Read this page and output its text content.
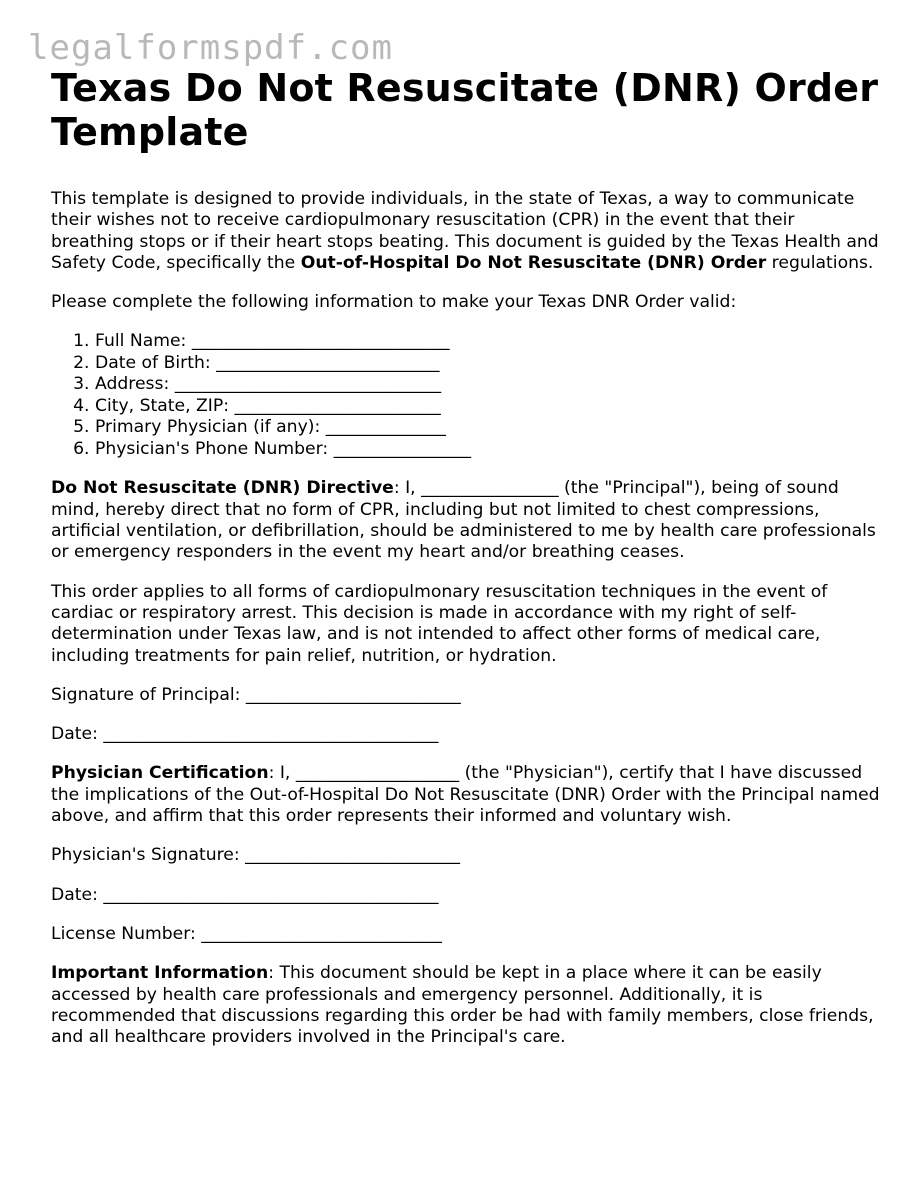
legalformspdf.com
Texas Do Not Resuscitate (DNR) Order Template

This template is designed to provide individuals, in the state of Texas, a way to communicate their wishes not to receive cardiopulmonary resuscitation (CPR) in the event that their breathing stops or if their heart stops beating. This document is guided by the Texas Health and Safety Code, specifically the Out-of-Hospital Do Not Resuscitate (DNR) Order regulations.

Please complete the following information to make your Texas DNR Order valid:

1. Full Name: ______________________________
2. Date of Birth: __________________________
3. Address: _______________________________
4. City, State, ZIP: ________________________
5. Primary Physician (if any): ______________
6. Physician's Phone Number: ________________

Do Not Resuscitate (DNR) Directive: I, ________________ (the "Principal"), being of sound mind, hereby direct that no form of CPR, including but not limited to chest compressions, artificial ventilation, or defibrillation, should be administered to me by health care professionals or emergency responders in the event my heart and/or breathing ceases.

This order applies to all forms of cardiopulmonary resuscitation techniques in the event of cardiac or respiratory arrest. This decision is made in accordance with my right of self-determination under Texas law, and is not intended to affect other forms of medical care, including treatments for pain relief, nutrition, or hydration.

Signature of Principal: _________________________

Date: _______________________________________

Physician Certification: I, ___________________ (the "Physician"), certify that I have discussed the implications of the Out-of-Hospital Do Not Resuscitate (DNR) Order with the Principal named above, and affirm that this order represents their informed and voluntary wish.

Physician's Signature: _________________________

Date: _______________________________________

License Number: ____________________________

Important Information: This document should be kept in a place where it can be easily accessed by health care professionals and emergency personnel. Additionally, it is recommended that discussions regarding this order be had with family members, close friends, and all healthcare providers involved in the Principal's care.
